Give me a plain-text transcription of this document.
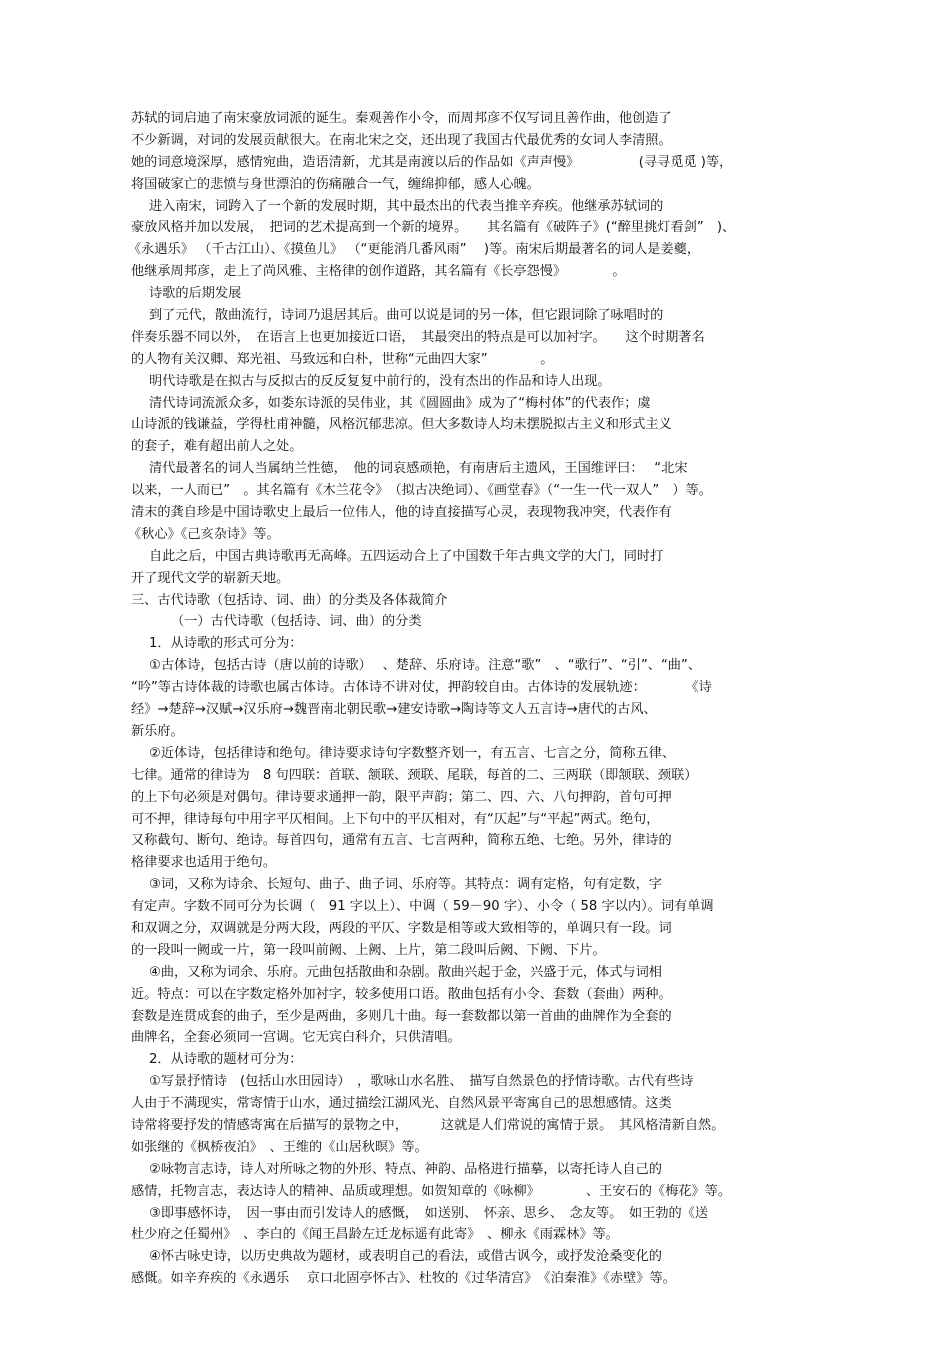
苏轼的词启迪了南宋豪放词派的诞生。秦观善作小令，而周邦彦不仅写词且善作曲，他创造了
不少新调，对词的发展贡献很大。在南北宋之交，还出现了我国古代最优秀的女词人李清照。
她的词意境深厚，感情宛曲，造语清新，尤其是南渡以后的作品如《声声慢》　　　　　(寻寻觅觅 )等，
将国破家亡的悲愤与身世漂泊的伤痛融合一气，缠绵抑郁，感人心魄。
进入南宋，词跨入了一个新的发展时期，其中最杰出的代表当推辛弃疾。他继承苏轼词的
豪放风格并加以发展，　把词的艺术提高到一个新的境界。　　其名篇有《破阵子》(“醉里挑灯看剑”　)、
《永遇乐》 （千古江山）、《摸鱼儿》 （“更能消几番风雨”　 )等。南宋后期最著名的词人是姜夔，
他继承周邦彦，走上了尚风雅、主格律的创作道路，其名篇有《长亭怨慢》　　　　。
诗歌的后期发展
到了元代，散曲流行，诗词乃退居其后。曲可以说是词的另一体，但它跟词除了咏唱时的
伴奏乐器不同以外，　在语言上也更加接近口语，　其最突出的特点是可以加衬字。　　这个时期著名
的人物有关汉卿、郑光祖、马致远和白朴，世称“元曲四大家”　　　　。
明代诗歌是在拟古与反拟古的反反复复中前行的，没有杰出的作品和诗人出现。
清代诗词流派众多，如娄东诗派的吴伟业，其《圆圆曲》成为了“梅村体”的代表作；虞
山诗派的钱谦益，学得杜甫神髓，风格沉郁悲凉。但大多数诗人均未摆脱拟古主义和形式主义
的套子，难有超出前人之处。
清代最著名的词人当属纳兰性德，　他的词哀感顽艳，有南唐后主遗风，王国维评曰：　 “北宋
以来，一人而已”　。其名篇有《木兰花令》　（拟古决绝词）、《画堂春》（“一生一代一双人”　）等。
清末的龚自珍是中国诗歌史上最后一位伟人，他的诗直接描写心灵，表现物我冲突，代表作有
《秋心》《己亥杂诗》等。
自此之后，中国古典诗歌再无高峰。五四运动合上了中国数千年古典文学的大门，同时打
开了现代文学的崭新天地。
三、古代诗歌（包括诗、词、曲）的分类及各体裁简介
（一）古代诗歌（包括诗、词、曲）的分类
1．从诗歌的形式可分为：
①古体诗，包括古诗（唐以前的诗歌）　 、楚辞、乐府诗。注意“歌”　、“歌行”、“引”、“曲”、
“吟”等古诗体裁的诗歌也属古体诗。古体诗不讲对仗，押韵较自由。古体诗的发展轨迹：　　　　《诗
经》→楚辞→汉赋→汉乐府→魏晋南北朝民歌→建安诗歌→陶诗等文人五言诗→唐代的古风、
新乐府。
②近体诗，包括律诗和绝句。律诗要求诗句字数整齐划一，有五言、七言之分，简称五律、
七律。通常的律诗为　8 句四联：首联、颔联、颈联、尾联，每首的二、三两联（即颔联、颈联）
的上下句必须是对偶句。律诗要求通押一韵，限平声韵；第二、四、六、八句押韵，首句可押
可不押，律诗每句中用字平仄相间。上下句中的平仄相对，有“仄起”与“平起”两式。绝句，
又称截句、断句、绝诗。每首四句，通常有五言、七言两种，简称五绝、七绝。另外，律诗的
格律要求也适用于绝句。
③词，又称为诗余、长短句、曲子、曲子词、乐府等。其特点：调有定格，句有定数，字
有定声。字数不同可分为长调（　91 字以上）、中调（ 59－90 字）、小令（ 58 字以内）。词有单调
和双调之分，双调就是分两大段，两段的平仄、字数是相等或大致相等的，单调只有一段。词
的一段叫一阙或一片，第一段叫前阙、上阙、上片，第二段叫后阙、下阙、下片。
④曲，又称为词余、乐府。元曲包括散曲和杂剧。散曲兴起于金，兴盛于元，体式与词相
近。特点：可以在字数定格外加衬字，较多使用口语。散曲包括有小令、套数（套曲）两种。
套数是连贯成套的曲子，至少是两曲，多则几十曲。每一套数都以第一首曲的曲牌作为全套的
曲牌名，全套必须同一宫调。它无宾白科介，只供清唱。
2．从诗歌的题材可分为：
①写景抒情诗　(包括山水田园诗）　，歌咏山水名胜、　描写自然景色的抒情诗歌。古代有些诗
人由于不满现实，常寄情于山水，通过描绘江湖风光、自然风景平寄寓自己的思想感情。这类
诗常将要抒发的情感寄寓在后描写的景物之中，　　　这就是人们常说的寓情于景。　其风格清新自然。
如张继的《枫桥夜泊》　、王维的《山居秋暝》等。
②咏物言志诗，诗人对所咏之物的外形、特点、神韵、品格进行描摹，以寄托诗人自己的
感情，托物言志，表达诗人的精神、品质或理想。如贺知章的《咏柳》　　　　、王安石的《梅花》等。
③即事感怀诗，　因一事由而引发诗人的感慨，　如送别、　怀亲、思乡、　念友等。　如王勃的《送
杜少府之任蜀州》　、李白的《闻王昌龄左迁龙标遥有此寄》　、柳永《雨霖林》等。
④怀古咏史诗，以历史典故为题材，或表明自己的看法，或借古讽今，或抒发沧桑变化的
感慨。如辛弃疾的《永遇乐　 京口北固亭怀古》、杜牧的《过华清宫》　《泊秦淮》《赤壁》等。
